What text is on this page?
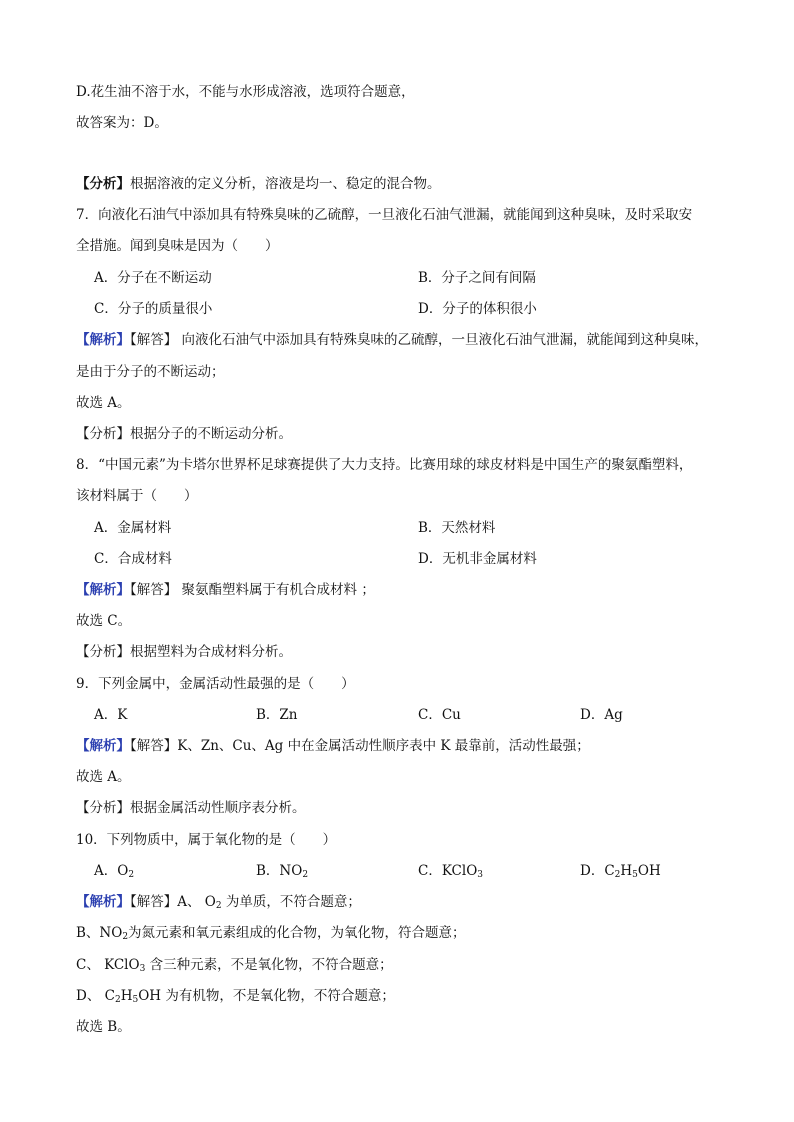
D.花生油不溶于水，不能与水形成溶液，选项符合题意，
故答案为：D。
【分析】根据溶液的定义分析，溶液是均一、稳定的混合物。
7．向液化石油气中添加具有特殊臭味的乙硫醇，一旦液化石油气泄漏，就能闻到这种臭味，及时采取安
全措施。闻到臭味是因为（　　）
A．分子在不断运动	B．分子之间有间隔
C．分子的质量很小	D．分子的体积很小
【解析】【解答】 向液化石油气中添加具有特殊臭味的乙硫醇，一旦液化石油气泄漏，就能闻到这种臭味，
是由于分子的不断运动；
故选 A。
【分析】根据分子的不断运动分析。
8．“中国元素”为卡塔尔世界杯足球赛提供了大力支持。比赛用球的球皮材料是中国生产的聚氨酯塑料，
该材料属于（　　）
A．金属材料	B．天然材料
C．合成材料	D．无机非金属材料
【解析】【解答】 聚氨酯塑料属于有机合成材料 ；
故选 C。
【分析】根据塑料为合成材料分析。
9．下列金属中，金属活动性最强的是（　　）
A．K	B．Zn	C．Cu	D．Ag
【解析】【解答】K、Zn、Cu、Ag 中在金属活动性顺序表中 K 最靠前，活动性最强；
故选 A。
【分析】根据金属活动性顺序表分析。
10．下列物质中，属于氧化物的是（　　）
A．$O_2$	B．$NO_2$	C．KClO$_3$	D．$C_2H_5OH$
【解析】【解答】A、 $O_2$ 为单质，不符合题意；
B、$NO_2$为氮元素和氧元素组成的化合物，为氧化物，符合题意；
C、 KClO$_3$ 含三种元素，不是氧化物，不符合题意；
D、 $C_2H_5OH$ 为有机物，不是氧化物，不符合题意；
故选 B。
